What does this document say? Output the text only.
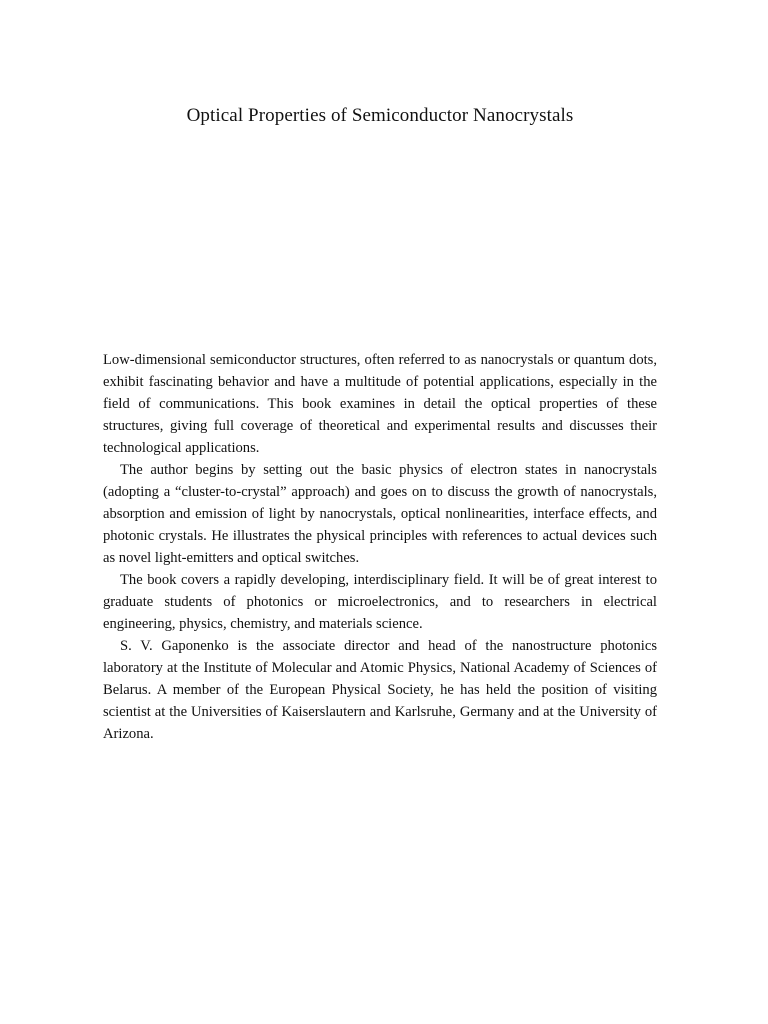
Optical Properties of Semiconductor Nanocrystals

Low-dimensional semiconductor structures, often referred to as nanocrystals or quantum dots, exhibit fascinating behavior and have a multitude of potential applications, especially in the field of communications. This book examines in detail the optical properties of these structures, giving full coverage of theoretical and experimental results and discusses their technological applications.

The author begins by setting out the basic physics of electron states in nanocrystals (adopting a “cluster-to-crystal” approach) and goes on to discuss the growth of nanocrystals, absorption and emission of light by nanocrystals, optical nonlinearities, interface effects, and photonic crystals. He illustrates the physical principles with references to actual devices such as novel light-emitters and optical switches.

The book covers a rapidly developing, interdisciplinary field. It will be of great interest to graduate students of photonics or microelectronics, and to researchers in electrical engineering, physics, chemistry, and materials science.

S. V. Gaponenko is the associate director and head of the nanostructure photonics laboratory at the Institute of Molecular and Atomic Physics, National Academy of Sciences of Belarus. A member of the European Physical Society, he has held the position of visiting scientist at the Universities of Kaiserslautern and Karlsruhe, Germany and at the University of Arizona.
